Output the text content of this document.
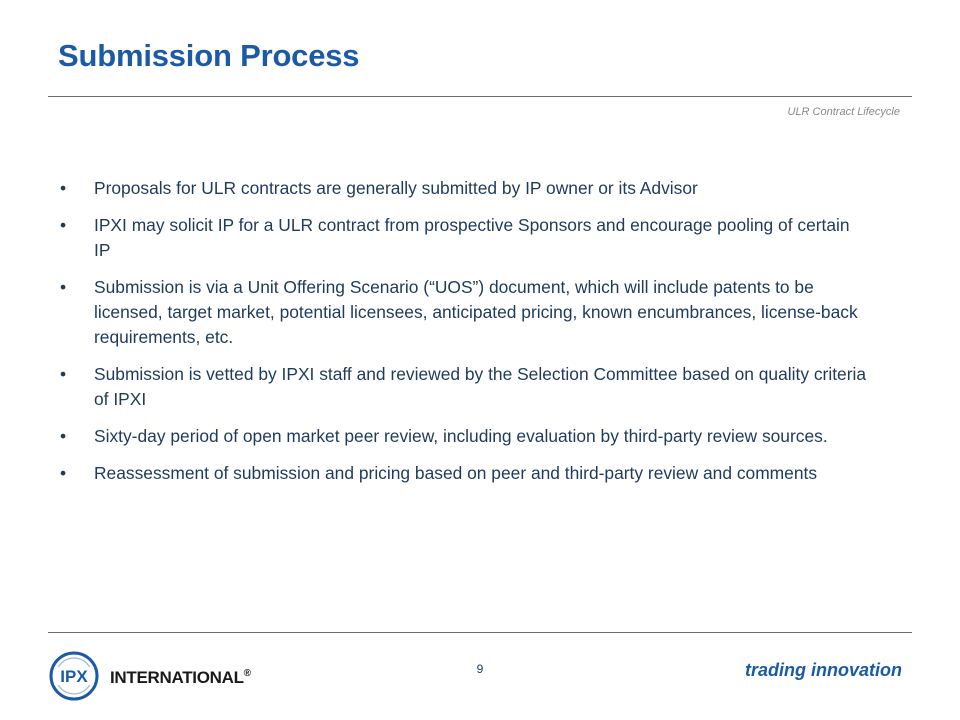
Submission Process
ULR Contract Lifecycle
• Proposals for ULR contracts are generally submitted by IP owner or its Advisor
• IPXI may solicit IP for a ULR contract from prospective Sponsors and encourage pooling of certain IP
• Submission is via a Unit Offering Scenario (“UOS”) document, which will include patents to be licensed, target market, potential licensees, anticipated pricing, known encumbrances, license-back requirements, etc.
• Submission is vetted by IPXI staff and reviewed by the Selection Committee based on quality criteria of IPXI
• Sixty-day period of open market peer review, including evaluation by third-party review sources.
• Reassessment of submission and pricing based on peer and third-party review and comments
IPX INTERNATIONAL®	9	trading innovation
